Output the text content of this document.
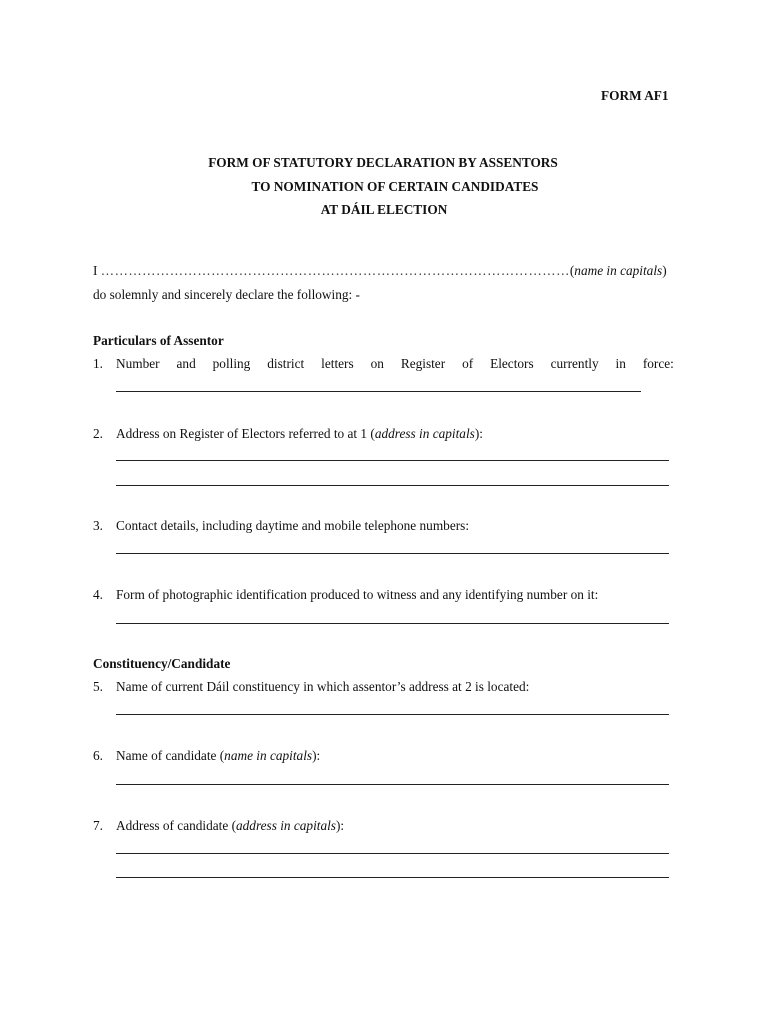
FORM AF1
FORM OF STATUTORY DECLARATION BY ASSENTORS
TO NOMINATION OF CERTAIN CANDIDATES
AT DÁIL ELECTION
I …………………………………………………………………………………………(name in capitals)
do solemnly and sincerely declare the following: -
Particulars of Assentor
1. Number and polling district letters on Register of Electors currently in force:
2. Address on Register of Electors referred to at 1 (address in capitals):
3. Contact details, including daytime and mobile telephone numbers:
4. Form of photographic identification produced to witness and any identifying number on it:
Constituency/Candidate
5. Name of current Dáil constituency in which assentor’s address at 2 is located:
6. Name of candidate (name in capitals):
7. Address of candidate (address in capitals):
